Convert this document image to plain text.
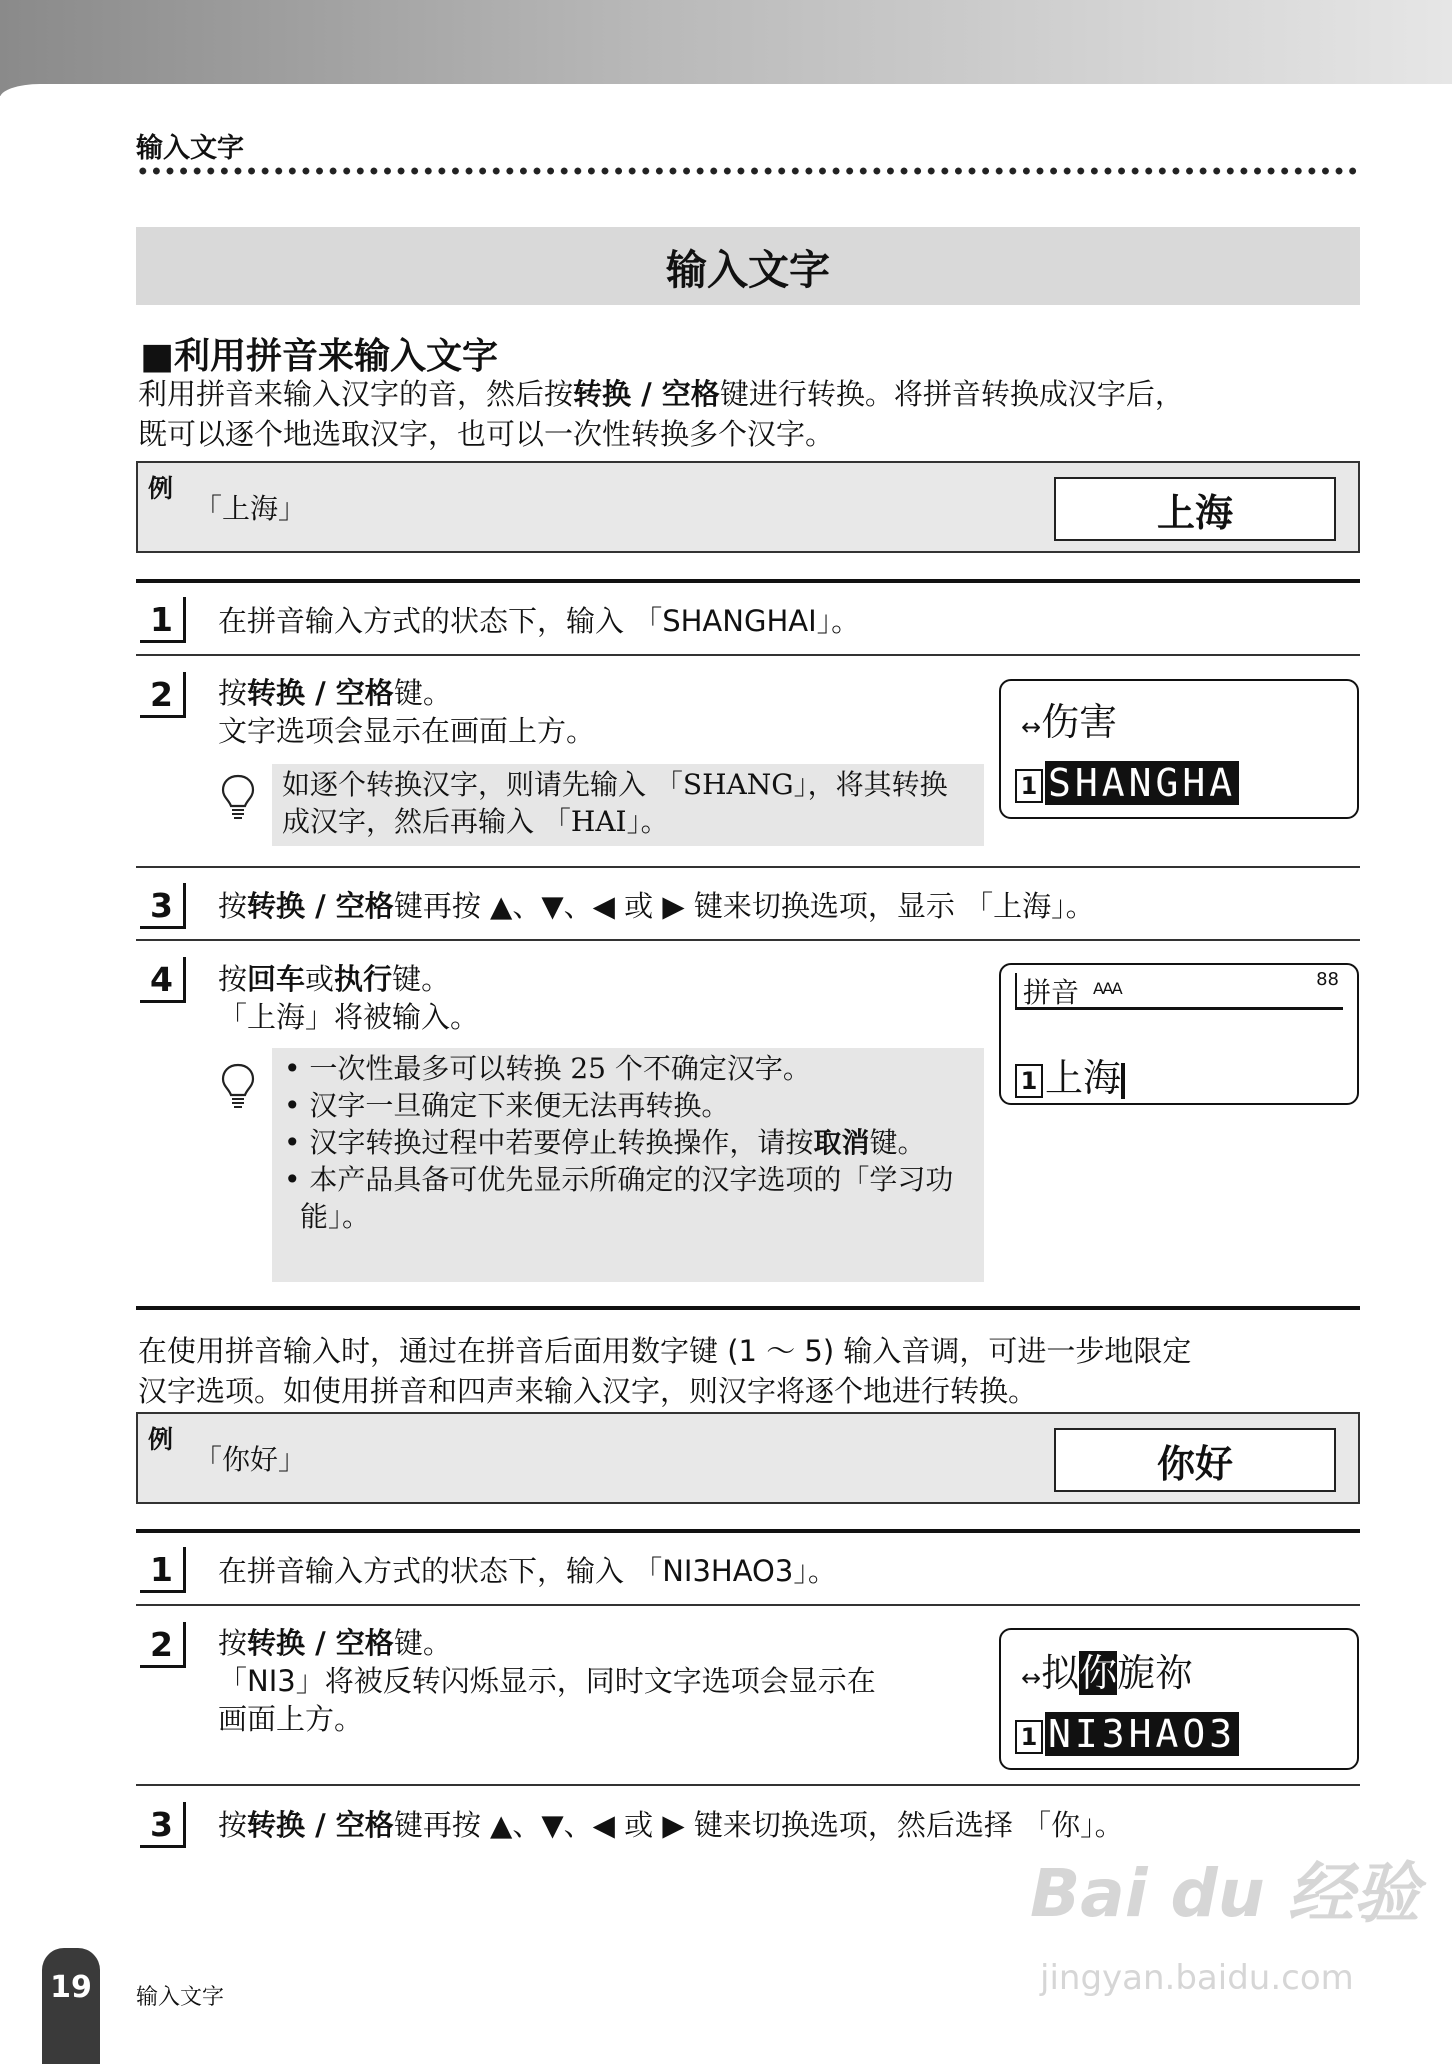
输入文字
输入文字
■利用拼音来输入文字
利用拼音来输入汉字的音，然后按转换 / 空格键进行转换。将拼音转换成汉字后，
既可以逐个地选取汉字，也可以一次性转换多个汉字。
例
「上海」	上海
1	在拼音输入方式的状态下，输入 「SHANGHAI」。
2	按转换 / 空格键。
文字选项会显示在画面上方。
如逐个转换汉字，则请先输入 「SHANG」，将其转换成汉字，然后再输入 「HAI」。
↔伤害
1 SHANGHA
3	按转换 / 空格键再按 ▲、▼、◀ 或 ▶ 键来切换选项，显示 「上海」。
4	按回车或执行键。
「上海」将被输入。
• 一次性最多可以转换 25 个不确定汉字。
• 汉字一旦确定下来便无法再转换。
• 汉字转换过程中若要停止转换操作，请按取消键。
• 本产品具备可优先显示所确定的汉字选项的「学习功能」。
拼音 AAA	88
1 上海
在使用拼音输入时，通过在拼音后面用数字键 (1 ～ 5) 输入音调，可进一步地限定
汉字选项。如使用拼音和四声来输入汉字，则汉字将逐个地进行转换。
例
「你好」	你好
1	在拼音输入方式的状态下，输入 「NI3HAO3」。
2	按转换 / 空格键。
「NI3」将被反转闪烁显示，同时文字选项会显示在
画面上方。
↔拟你旎祢
1 NI3HAO3
3	按转换 / 空格键再按 ▲、▼、◀ 或 ▶ 键来切换选项，然后选择 「你」。
Bai du 经验
jingyan.baidu.com
19	输入文字
